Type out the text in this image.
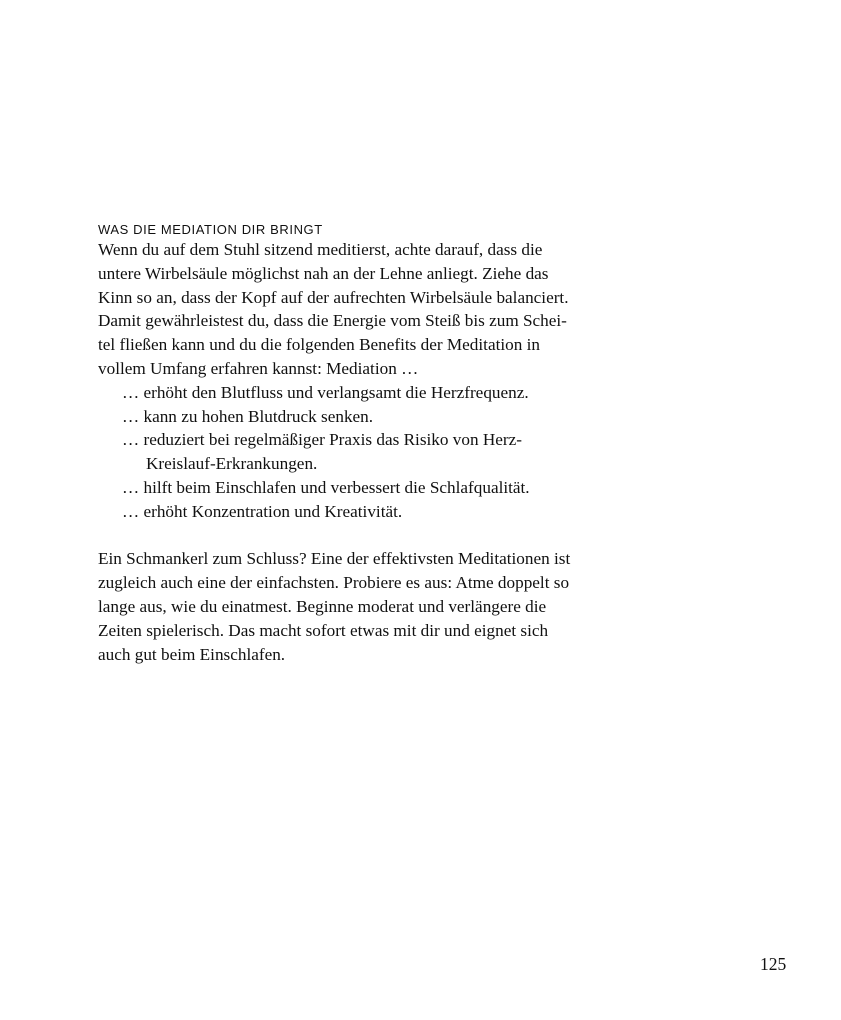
WAS DIE MEDIATION DIR BRINGT

Wenn du auf dem Stuhl sitzend meditierst, achte darauf, dass die
untere Wirbelsäule möglichst nah an der Lehne anliegt. Ziehe das
Kinn so an, dass der Kopf auf der aufrechten Wirbelsäule balanciert.
Damit gewährleistest du, dass die Energie vom Steiß bis zum Schei-
tel fließen kann und du die folgenden Benefits der Meditation in
vollem Umfang erfahren kannst: Mediation …

… erhöht den Blutfluss und verlangsamt die Herzfrequenz.
… kann zu hohen Blutdruck senken.
… reduziert bei regelmäßiger Praxis das Risiko von Herz-
Kreislauf-Erkrankungen.
… hilft beim Einschlafen und verbessert die Schlafqualität.
… erhöht Konzentration und Kreativität.

Ein Schmankerl zum Schluss? Eine der effektivsten Meditationen ist
zugleich auch eine der einfachsten. Probiere es aus: Atme doppelt so
lange aus, wie du einatmest. Beginne moderat und verlängere die
Zeiten spielerisch. Das macht sofort etwas mit dir und eignet sich
auch gut beim Einschlafen.

125
